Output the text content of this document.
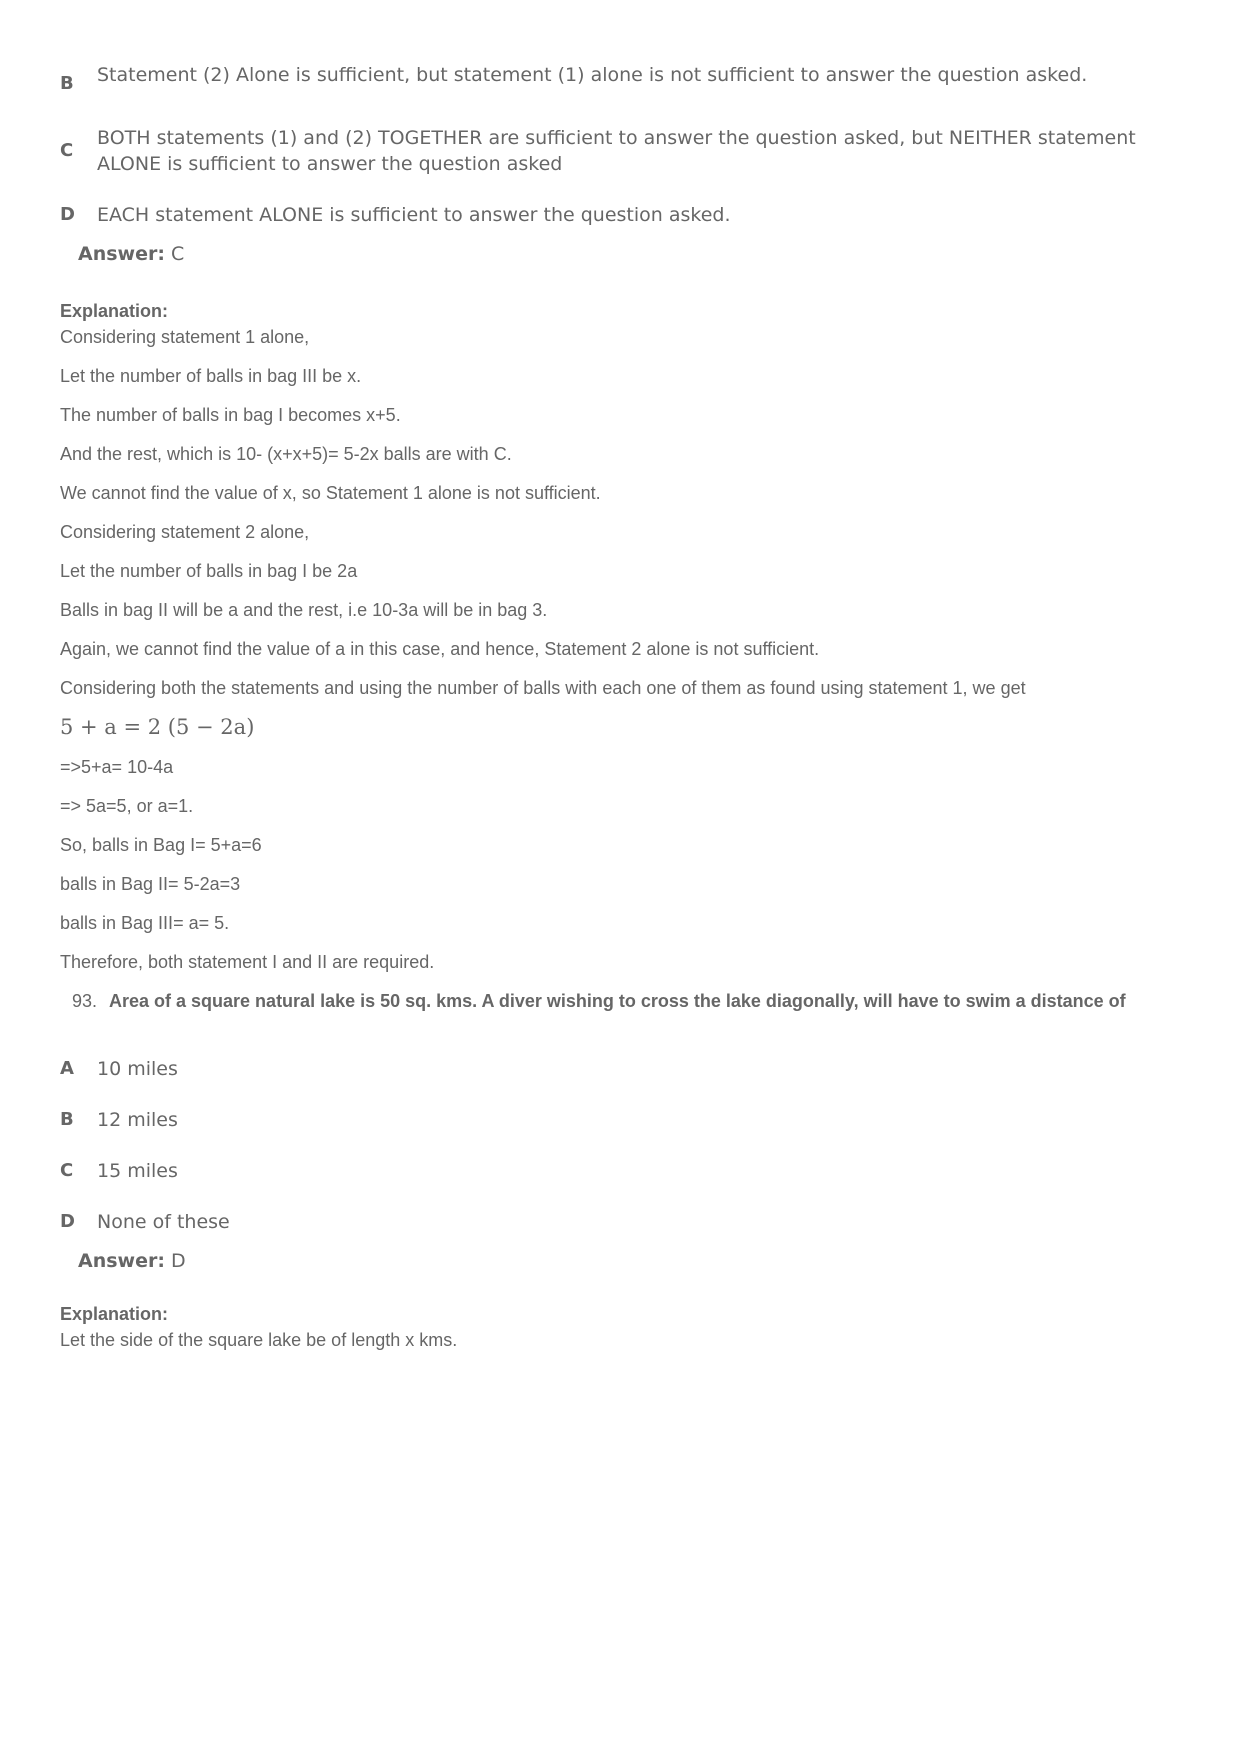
B	Statement (2) Alone is sufficient, but statement (1) alone is not sufficient to answer the question asked.
C
BOTH statements (1) and (2) TOGETHER are sufficient to answer the question asked, but NEITHER statement ALONE is sufficient to answer the question asked
D	EACH statement ALONE is sufficient to answer the question asked.
Answer: C
Explanation:
Considering statement 1 alone,
Let the number of balls in bag III be x.
The number of balls in bag I becomes x+5.
And the rest, which is 10- (x+x+5)= 5-2x balls are with C.
We cannot find the value of x, so Statement 1 alone is not sufficient.
Considering statement 2 alone,
Let the number of balls in bag I be 2a
Balls in bag II will be a and the rest, i.e 10-3a will be in bag 3.
Again, we cannot find the value of a in this case, and hence, Statement 2 alone is not sufficient.
Considering both the statements and using the number of balls with each one of them as found using statement 1, we get
5 + a = 2 (5 − 2a)
=>5+a= 10-4a
=> 5a=5, or a=1.
So, balls in Bag I= 5+a=6
balls in Bag II= 5-2a=3
balls in Bag III= a= 5.
Therefore, both statement I and II are required.
93. Area of a square natural lake is 50 sq. kms. A diver wishing to cross the lake diagonally, will have to swim a distance of
A	10 miles
B	12 miles
C	15 miles
D	None of these
Answer: D
Explanation:
Let the side of the square lake be of length x kms.
